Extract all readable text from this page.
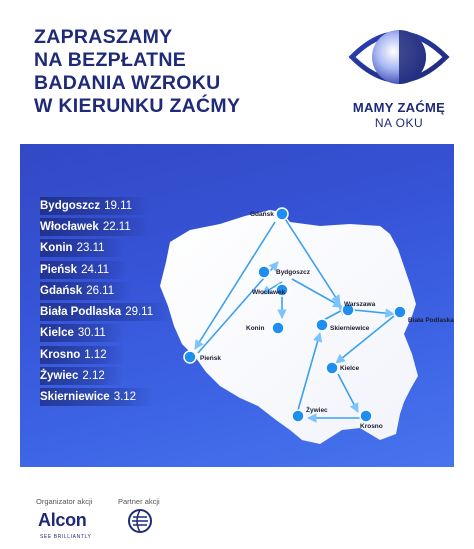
ZAPRASZAMY
NA BEZPŁATNE
BADANIA WZROKU
W KIERUNKU ZAĆMY	MAMY ZAĆMĘ
NA OKU
Gdańsk
Bydgoszcz
Włocławek
Warszawa
Biała Podlaska
Skierniewice
Konin
Pieńsk
Kielce
Żywiec
Krosno
Bydgoszcz 19.11
Włocławek 22.11
Konin 23.11
Pieńsk 24.11
Gdańsk 26.11
Biała Podlaska 29.11
Kielce 30.11
Krosno 1.12
Żywiec 2.12
Skierniewice 3.12
Organizator akcji	Partner akcji
Alcon
SEE BRILLIANTLY
